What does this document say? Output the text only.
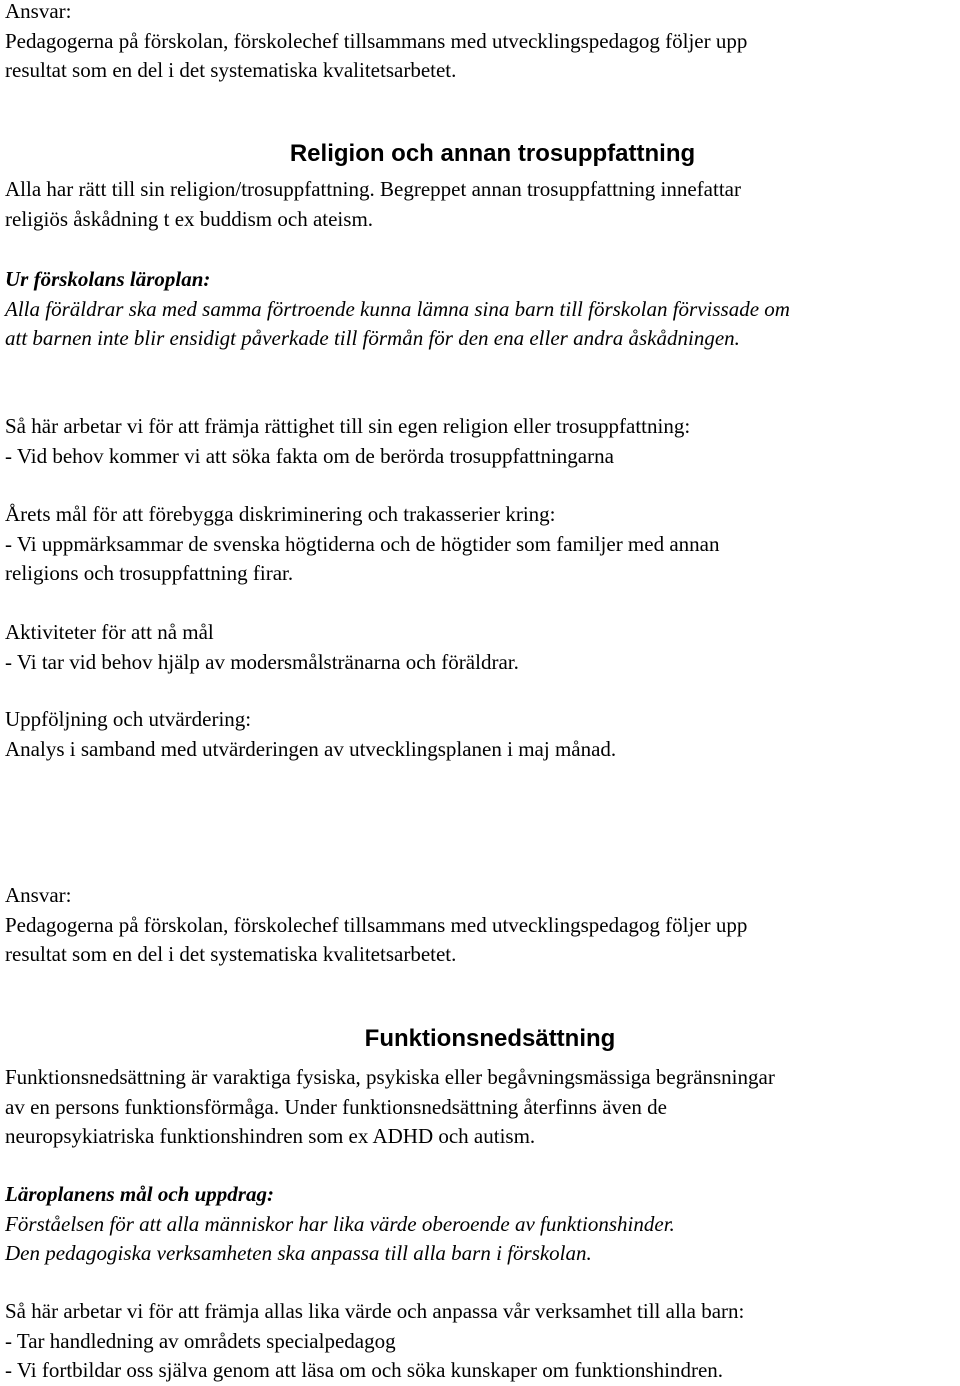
Ansvar:
Pedagogerna på förskolan, förskolechef tillsammans med utvecklingspedagog följer upp
resultat som en del i det systematiska kvalitetsarbetet.
Religion och annan trosuppfattning
Alla har rätt till sin religion/trosuppfattning. Begreppet annan trosuppfattning innefattar
religiös åskådning t ex buddism och ateism.
Ur förskolans läroplan:
Alla föräldrar ska med samma förtroende kunna lämna sina barn till förskolan förvissade om
att barnen inte blir ensidigt påverkade till förmån för den ena eller andra åskådningen.
Så här arbetar vi för att främja rättighet till sin egen religion eller trosuppfattning:
- Vid behov kommer vi att söka fakta om de berörda trosuppfattningarna
Årets mål för att förebygga diskriminering och trakasserier kring:
- Vi uppmärksammar de svenska högtiderna och de högtider som familjer med annan
religions och trosuppfattning firar.
Aktiviteter för att nå mål
- Vi tar vid behov hjälp av modersmålstränarna och föräldrar.
Uppföljning och utvärdering:
Analys i samband med utvärderingen av utvecklingsplanen i maj månad.
Ansvar:
Pedagogerna på förskolan, förskolechef tillsammans med utvecklingspedagog följer upp
resultat som en del i det systematiska kvalitetsarbetet.
Funktionsnedsättning
Funktionsnedsättning är varaktiga fysiska, psykiska eller begåvningsmässiga begränsningar
av en persons funktionsförmåga. Under funktionsnedsättning återfinns även de
neuropsykiatriska funktionshindren som ex ADHD och autism.
Läroplanens mål och uppdrag:
Förståelsen för att alla människor har lika värde oberoende av funktionshinder.
Den pedagogiska verksamheten ska anpassa till alla barn i förskolan.
Så här arbetar vi för att främja allas lika värde och anpassa vår verksamhet till alla barn:
- Tar handledning av områdets specialpedagog
- Vi fortbildar oss själva genom att läsa om och söka kunskaper om funktionshindren.
